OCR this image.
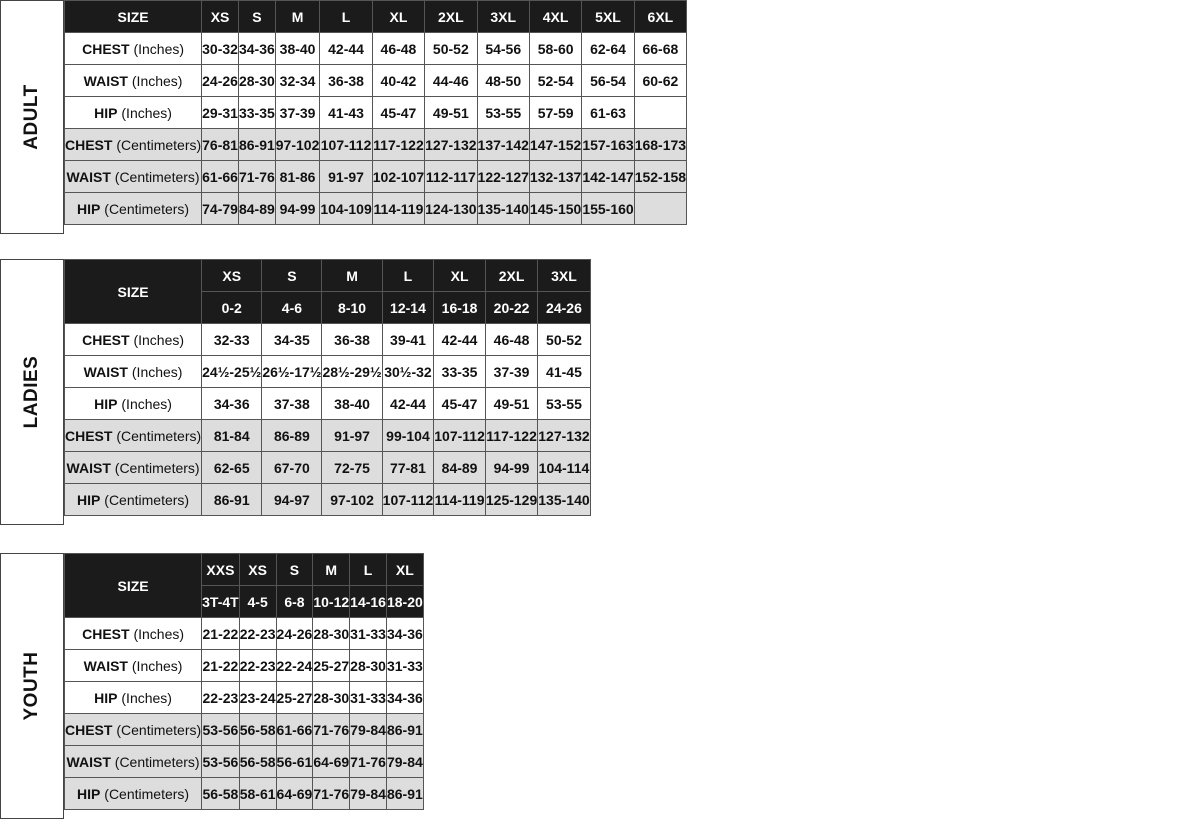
ADULT
SIZE	XS	S	M	L	XL	2XL	3XL	4XL	5XL	6XL
CHEST (Inches)	30-32	34-36	38-40	42-44	46-48	50-52	54-56	58-60	62-64	66-68
WAIST (Inches)	24-26	28-30	32-34	36-38	40-42	44-46	48-50	52-54	56-54	60-62
HIP (Inches)	29-31	33-35	37-39	41-43	45-47	49-51	53-55	57-59	61-63	
CHEST (Centimeters)	76-81	86-91	97-102	107-112	117-122	127-132	137-142	147-152	157-163	168-173
WAIST (Centimeters)	61-66	71-76	81-86	91-97	102-107	112-117	122-127	132-137	142-147	152-158
HIP (Centimeters)	74-79	84-89	94-99	104-109	114-119	124-130	135-140	145-150	155-160	
LADIES
SIZE	XS	S	M	L	XL	2XL	3XL
	0-2	4-6	8-10	12-14	16-18	20-22	24-26
CHEST (Inches)	32-33	34-35	36-38	39-41	42-44	46-48	50-52
WAIST (Inches)	24½-25½	26½-17½	28½-29½	30½-32	33-35	37-39	41-45
HIP (Inches)	34-36	37-38	38-40	42-44	45-47	49-51	53-55
CHEST (Centimeters)	81-84	86-89	91-97	99-104	107-112	117-122	127-132
WAIST (Centimeters)	62-65	67-70	72-75	77-81	84-89	94-99	104-114
HIP (Centimeters)	86-91	94-97	97-102	107-112	114-119	125-129	135-140
YOUTH
SIZE	XXS	XS	S	M	L	XL
	3T-4T	4-5	6-8	10-12	14-16	18-20
CHEST (Inches)	21-22	22-23	24-26	28-30	31-33	34-36
WAIST (Inches)	21-22	22-23	22-24	25-27	28-30	31-33
HIP (Inches)	22-23	23-24	25-27	28-30	31-33	34-36
CHEST (Centimeters)	53-56	56-58	61-66	71-76	79-84	86-91
WAIST (Centimeters)	53-56	56-58	56-61	64-69	71-76	79-84
HIP (Centimeters)	56-58	58-61	64-69	71-76	79-84	86-91
